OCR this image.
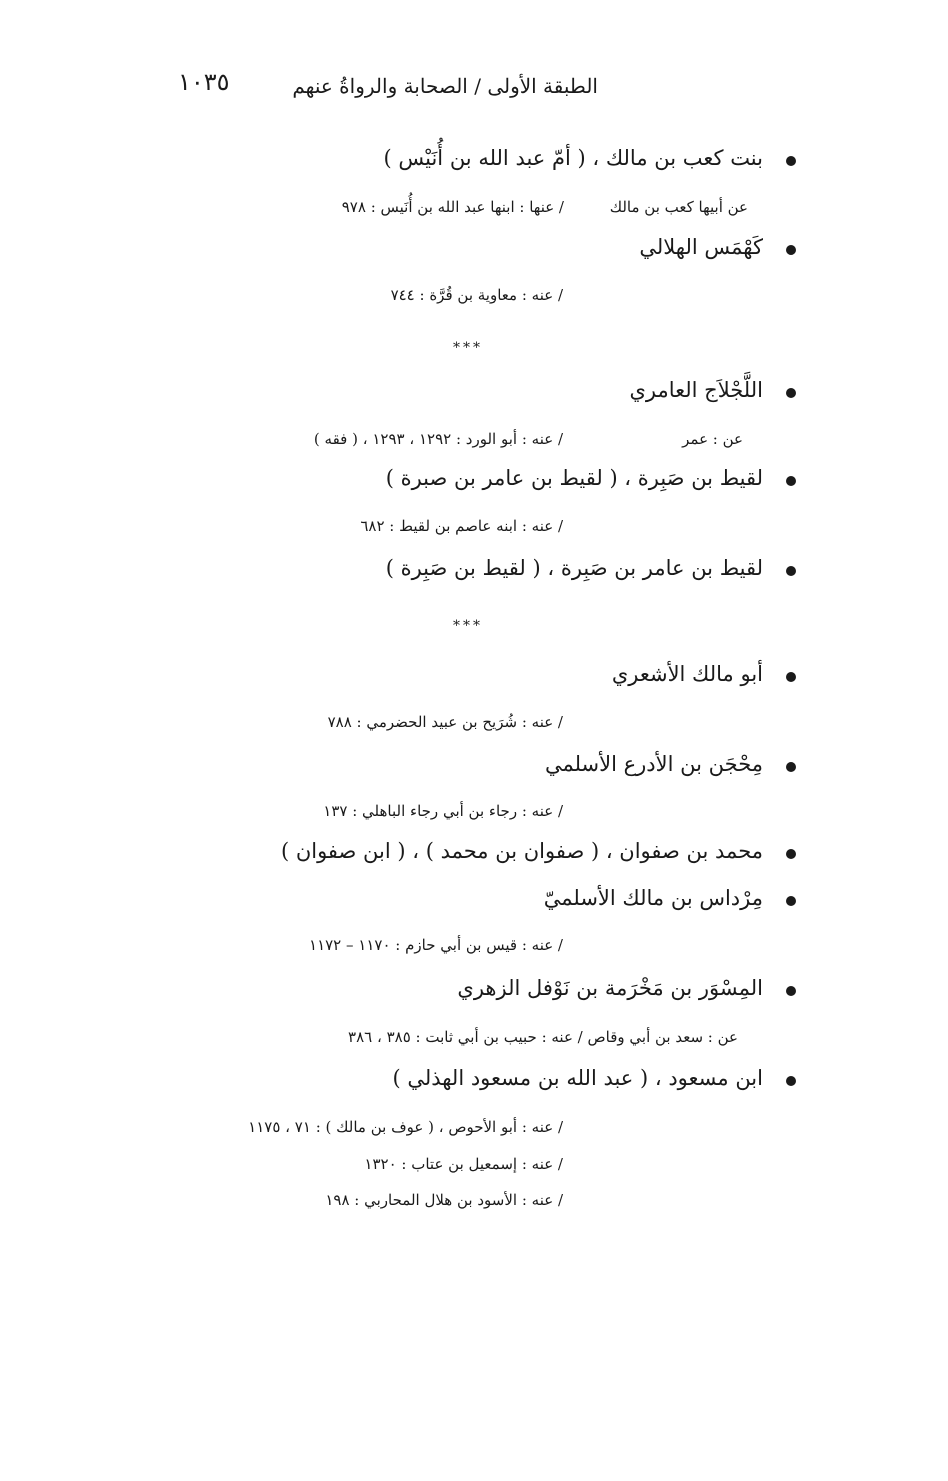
١٠٣٥	الطبقة الأولى / الصحابة والرواةُ عنهم
بنت كعب بن مالك ، ( أمّ عبد الله بن أُنَيْس )
عن أبيها كعب بن مالك
/ عنها : ابنها عبد الله بن أُنَيس : ٩٧٨
كَهْمَس الهلالي
/ عنه : معاوية بن قُرَّة : ٧٤٤
***
اللَّجْلاَج العامري
عن : عمر
/ عنه : أبو الورد : ١٢٩٢ ، ١٢٩٣ ، ( فقه )
لقيط بن صَبِرة ، ( لقيط بن عامر بن صبرة )
/ عنه : ابنه عاصم بن لقيط : ٦٨٢
لقيط بن عامر بن صَبِرة ، ( لقيط بن صَبِرة )
***
أبو مالك الأشعري
/ عنه : شُرَيح بن عبيد الحضرمي : ٧٨٨
مِحْجَن بن الأدرع الأسلمي
/ عنه : رجاء بن أبي رجاء الباهلي : ١٣٧
محمد بن صفوان ، ( صفوان بن محمد ) ، ( ابن صفوان )
مِرْداس بن مالك الأسلميّ
/ عنه : قيس بن أبي حازم : ١١٧٠ – ١١٧٢
المِسْوَر بن مَخْرَمة بن نَوْفل الزهري
عن : سعد بن أبي وقاص / عنه : حبيب بن أبي ثابت : ٣٨٥ ، ٣٨٦
ابن مسعود ، ( عبد الله بن مسعود الهذلي )
/ عنه : أبو الأحوص ، ( عوف بن مالك ) : ٧١ ، ١١٧٥
/ عنه : إسمعيل بن عتاب : ١٣٢٠
/ عنه : الأسود بن هلال المحاربي : ١٩٨
